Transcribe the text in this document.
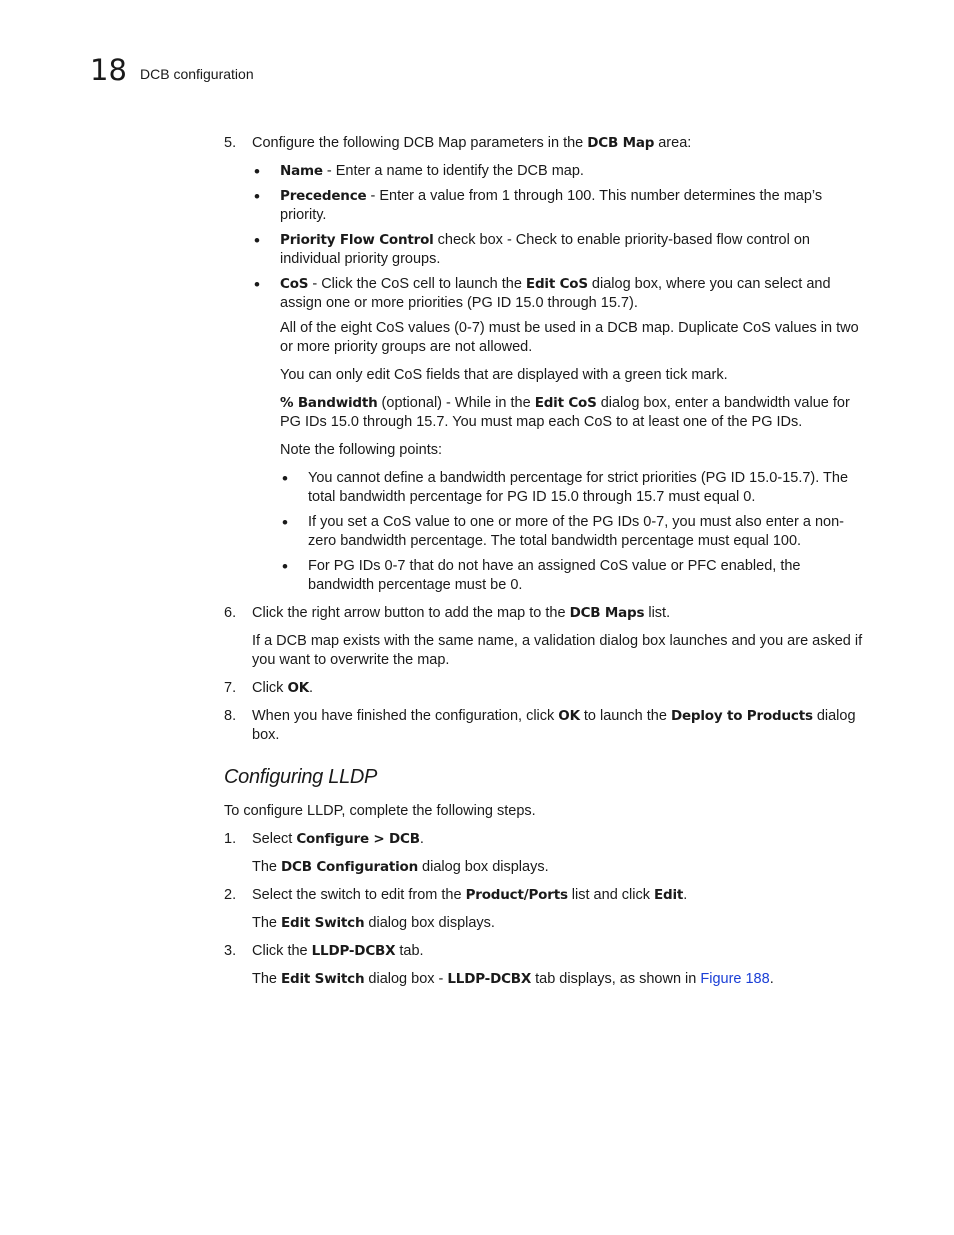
18 DCB configuration
5.	Configure the following DCB Map parameters in the DCB Map area:
•	Name - Enter a name to identify the DCB map.
•	Precedence - Enter a value from 1 through 100. This number determines the map’s priority.
•	Priority Flow Control check box - Check to enable priority-based flow control on individual priority groups.
•	CoS - Click the CoS cell to launch the Edit CoS dialog box, where you can select and assign one or more priorities (PG ID 15.0 through 15.7).

All of the eight CoS values (0-7) must be used in a DCB map. Duplicate CoS values in two or more priority groups are not allowed.

You can only edit CoS fields that are displayed with a green tick mark.

% Bandwidth (optional) - While in the Edit CoS dialog box, enter a bandwidth value for PG IDs 15.0 through 15.7. You must map each CoS to at least one of the PG IDs.

Note the following points:

•	You cannot define a bandwidth percentage for strict priorities (PG ID 15.0-15.7). The total bandwidth percentage for PG ID 15.0 through 15.7 must equal 0.
•	If you set a CoS value to one or more of the PG IDs 0-7, you must also enter a non-zero bandwidth percentage. The total bandwidth percentage must equal 100.
•	For PG IDs 0-7 that do not have an assigned CoS value or PFC enabled, the bandwidth percentage must be 0.
6.	Click the right arrow button to add the map to the DCB Maps list.

If a DCB map exists with the same name, a validation dialog box launches and you are asked if you want to overwrite the map.

7.	Click OK.
8.	When you have finished the configuration, click OK to launch the Deploy to Products dialog box.
Configuring LLDP

To configure LLDP, complete the following steps.

1.	Select Configure > DCB.

The DCB Configuration dialog box displays.

2.	Select the switch to edit from the Product/Ports list and click Edit.

The Edit Switch dialog box displays.

3.	Click the LLDP-DCBX tab.

The Edit Switch dialog box - LLDP-DCBX tab displays, as shown in Figure 188.
